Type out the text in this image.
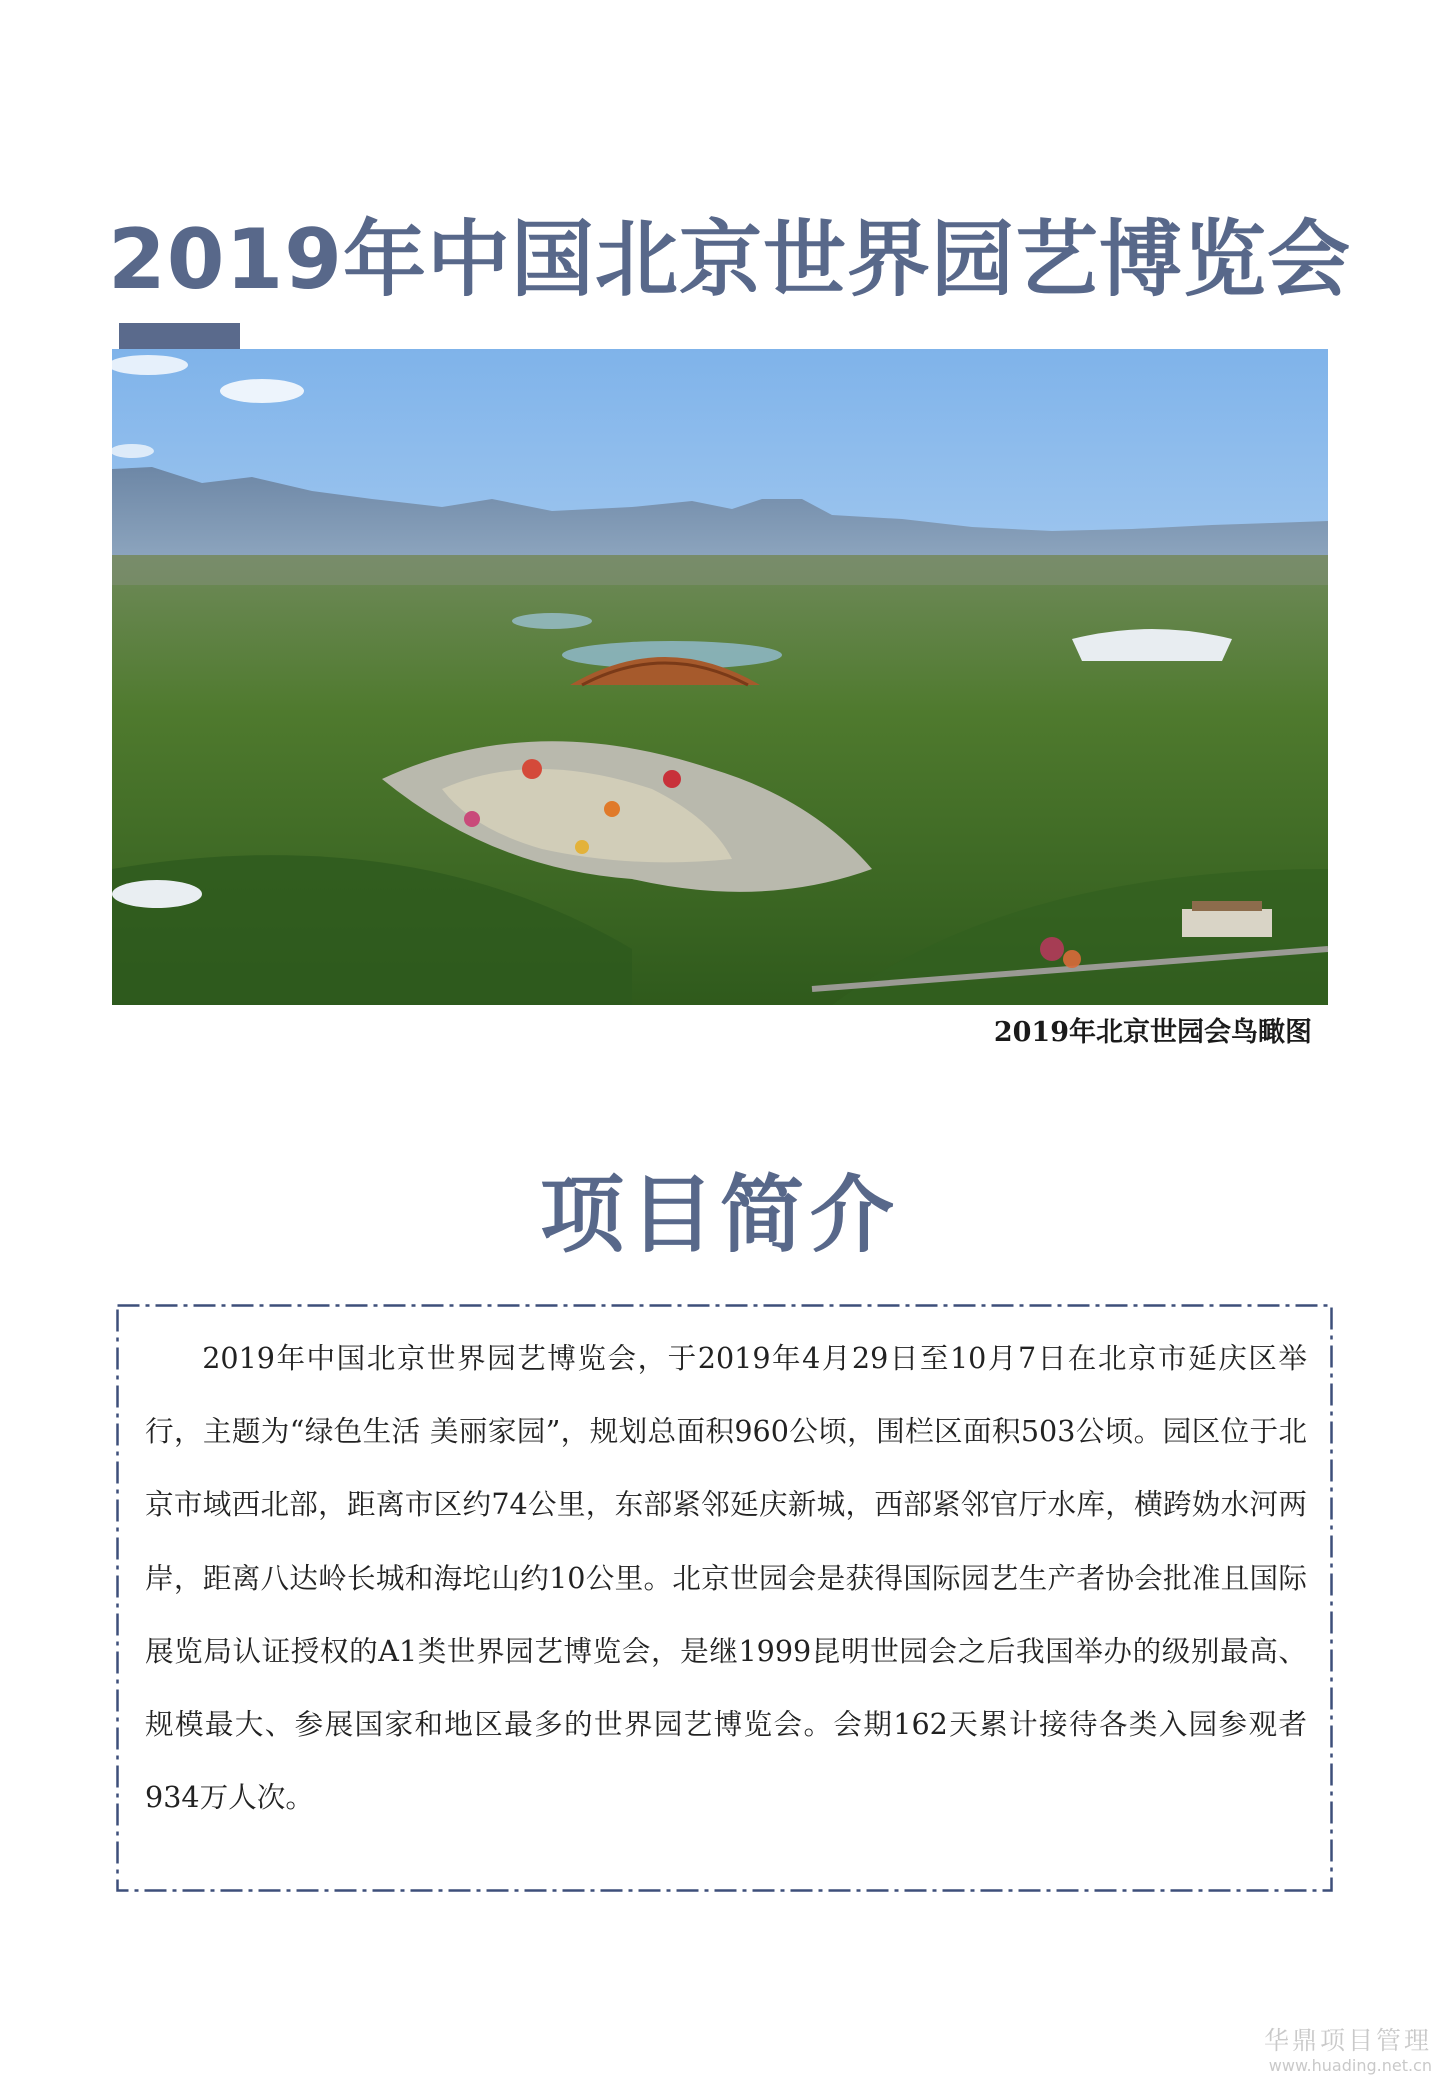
2019年中国北京世界园艺博览会
2019年北京世园会鸟瞰图
项目简介

2019年中国北京世界园艺博览会，于2019年4月29日至10月7日在北京市延庆区举行，主题为“绿色生活 美丽家园”，规划总面积960公顷，围栏区面积503公顷。园区位于北京市域西北部，距离市区约74公里，东部紧邻延庆新城，西部紧邻官厅水库，横跨妫水河两岸，距离八达岭长城和海坨山约10公里。北京世园会是获得国际园艺生产者协会批准且国际展览局认证授权的A1类世界园艺博览会，是继1999昆明世园会之后我国举办的级别最高、规模最大、参展国家和地区最多的世界园艺博览会。会期162天累计接待各类入园参观者934万人次。

华鼎项目管理
www.huading.net.cn
